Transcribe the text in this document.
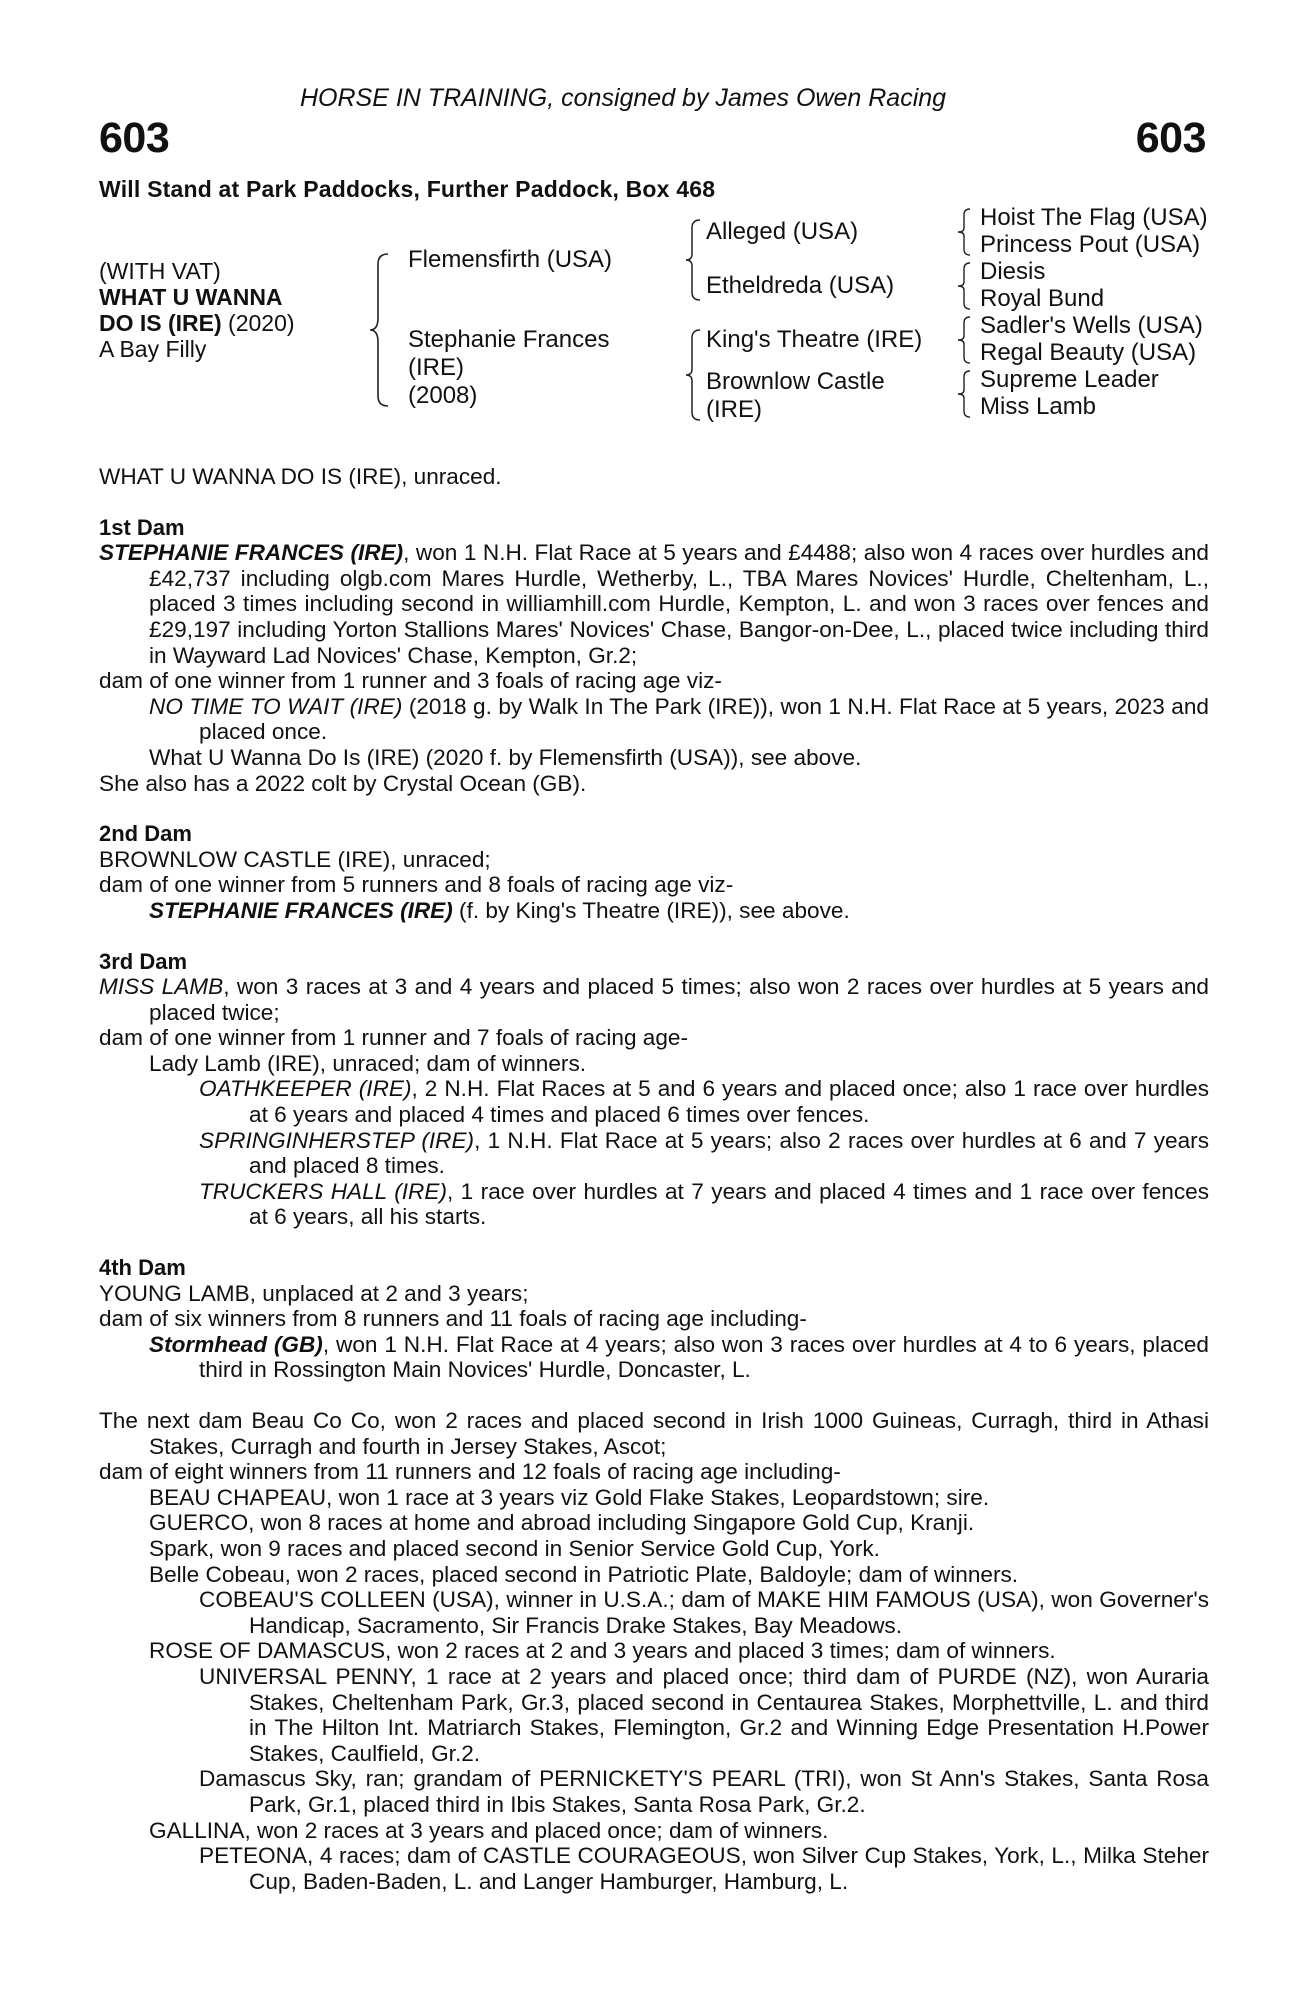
HORSE IN TRAINING, consigned by James Owen Racing
603	603
Will Stand at Park Paddocks, Further Paddock, Box 468
(WITH VAT)
WHAT U WANNA
DO IS (IRE) (2020)
A Bay Filly
Flemensfirth (USA)
Stephanie Frances
(IRE)
(2008)
Alleged (USA)
Etheldreda (USA)
King's Theatre (IRE)
Brownlow Castle
(IRE)
Hoist The Flag (USA)
Princess Pout (USA)
Diesis
Royal Bund
Sadler's Wells (USA)
Regal Beauty (USA)
Supreme Leader
Miss Lamb

WHAT U WANNA DO IS (IRE), unraced.

1st Dam

STEPHANIE FRANCES (IRE), won 1 N.H. Flat Race at 5 years and £4488; also won 4 races over hurdles and £42,737 including olgb.com Mares Hurdle, Wetherby, L., TBA Mares Novices' Hurdle, Cheltenham, L., placed 3 times including second in williamhill.com Hurdle, Kempton, L. and won 3 races over fences and £29,197 including Yorton Stallions Mares' Novices' Chase, Bangor-on-Dee, L., placed twice including third in Wayward Lad Novices' Chase, Kempton, Gr.2;

dam of one winner from 1 runner and 3 foals of racing age viz-

NO TIME TO WAIT (IRE) (2018 g. by Walk In The Park (IRE)), won 1 N.H. Flat Race at 5 years, 2023 and placed once.

What U Wanna Do Is (IRE) (2020 f. by Flemensfirth (USA)), see above.

She also has a 2022 colt by Crystal Ocean (GB).

2nd Dam

BROWNLOW CASTLE (IRE), unraced;

dam of one winner from 5 runners and 8 foals of racing age viz-

STEPHANIE FRANCES (IRE) (f. by King's Theatre (IRE)), see above.

3rd Dam

MISS LAMB, won 3 races at 3 and 4 years and placed 5 times; also won 2 races over hurdles at 5 years and placed twice;

dam of one winner from 1 runner and 7 foals of racing age-

Lady Lamb (IRE), unraced; dam of winners.

OATHKEEPER (IRE), 2 N.H. Flat Races at 5 and 6 years and placed once; also 1 race over hurdles at 6 years and placed 4 times and placed 6 times over fences.

SPRINGINHERSTEP (IRE), 1 N.H. Flat Race at 5 years; also 2 races over hurdles at 6 and 7 years and placed 8 times.

TRUCKERS HALL (IRE), 1 race over hurdles at 7 years and placed 4 times and 1 race over fences at 6 years, all his starts.

4th Dam

YOUNG LAMB, unplaced at 2 and 3 years;

dam of six winners from 8 runners and 11 foals of racing age including-

Stormhead (GB), won 1 N.H. Flat Race at 4 years; also won 3 races over hurdles at 4 to 6 years, placed third in Rossington Main Novices' Hurdle, Doncaster, L.

The next dam Beau Co Co, won 2 races and placed second in Irish 1000 Guineas, Curragh, third in Athasi Stakes, Curragh and fourth in Jersey Stakes, Ascot;

dam of eight winners from 11 runners and 12 foals of racing age including-

BEAU CHAPEAU, won 1 race at 3 years viz Gold Flake Stakes, Leopardstown; sire.

GUERCO, won 8 races at home and abroad including Singapore Gold Cup, Kranji.

Spark, won 9 races and placed second in Senior Service Gold Cup, York.

Belle Cobeau, won 2 races, placed second in Patriotic Plate, Baldoyle; dam of winners.

COBEAU'S COLLEEN (USA), winner in U.S.A.; dam of MAKE HIM FAMOUS (USA), won Governer's Handicap, Sacramento, Sir Francis Drake Stakes, Bay Meadows.

ROSE OF DAMASCUS, won 2 races at 2 and 3 years and placed 3 times; dam of winners.

UNIVERSAL PENNY, 1 race at 2 years and placed once; third dam of PURDE (NZ), won Auraria Stakes, Cheltenham Park, Gr.3, placed second in Centaurea Stakes, Morphettville, L. and third in The Hilton Int. Matriarch Stakes, Flemington, Gr.2 and Winning Edge Presentation H.Power Stakes, Caulfield, Gr.2.

Damascus Sky, ran; grandam of PERNICKETY'S PEARL (TRI), won St Ann's Stakes, Santa Rosa Park, Gr.1, placed third in Ibis Stakes, Santa Rosa Park, Gr.2.

GALLINA, won 2 races at 3 years and placed once; dam of winners.

PETEONA, 4 races; dam of CASTLE COURAGEOUS, won Silver Cup Stakes, York, L., Milka Steher Cup, Baden-Baden, L. and Langer Hamburger, Hamburg, L.
